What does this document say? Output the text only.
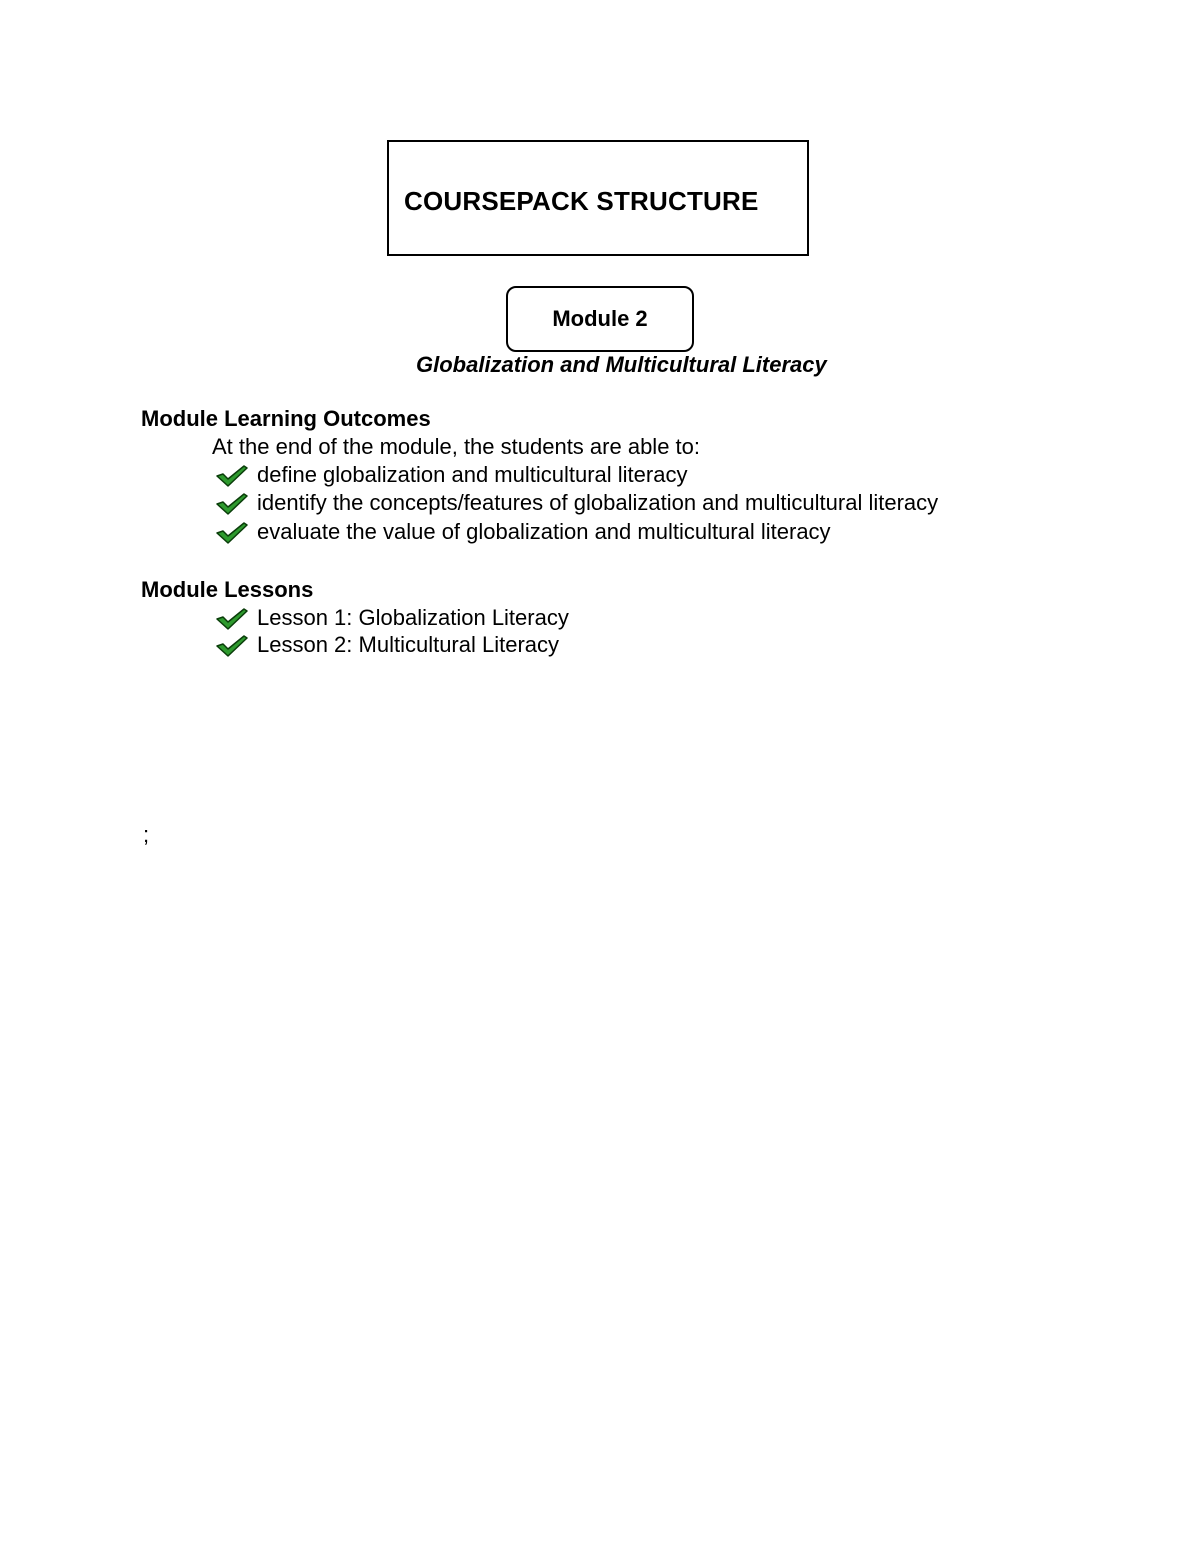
COURSEPACK STRUCTURE
Module 2
Globalization and Multicultural Literacy
Module Learning Outcomes
At the end of the module, the students are able to:
define globalization and multicultural literacy
identify the concepts/features of globalization and multicultural literacy
evaluate the value of globalization and multicultural literacy
Module Lessons
Lesson 1: Globalization Literacy
Lesson 2: Multicultural Literacy
;
